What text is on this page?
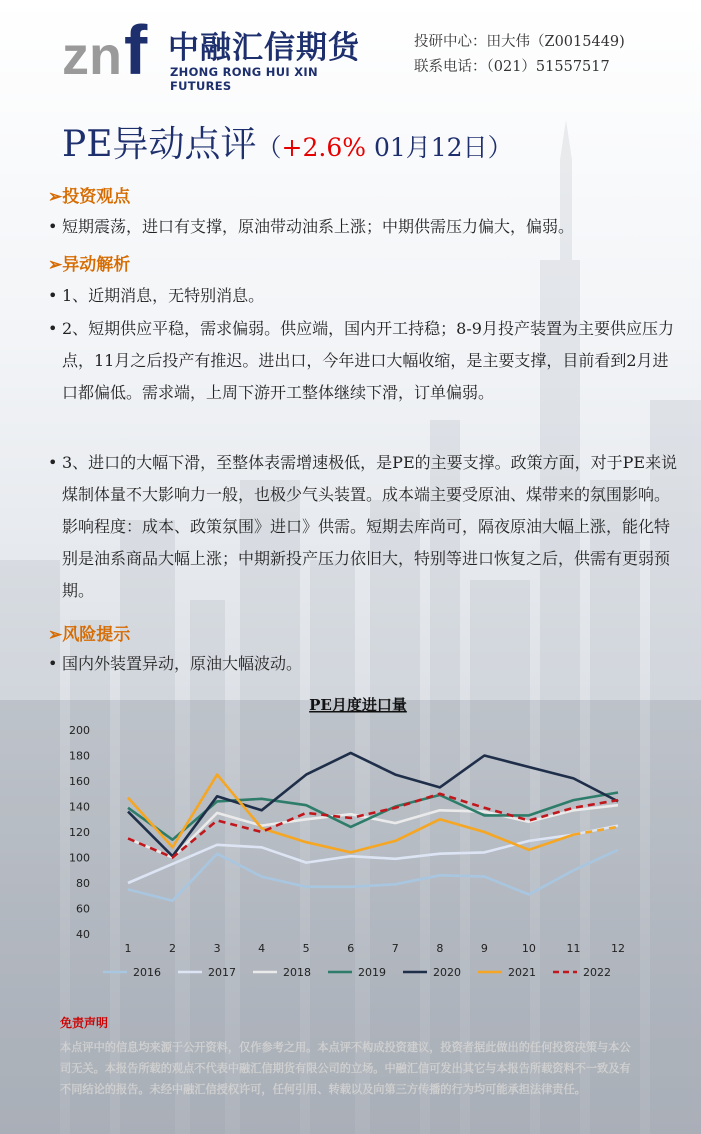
zn f 中融汇信期货
ZHONG RONG HUI XIN FUTURES
投研中心：田大伟（Z0015449)
联系电话：（021）51557517
PE异动点评（+2.6% 01月12日）
➢投资观点
• 短期震荡，进口有支撑，原油带动油系上涨；中期供需压力偏大，偏弱。
➢异动解析
• 1、近期消息，无特别消息。
• 2、短期供应平稳，需求偏弱。供应端，国内开工持稳；8-9月投产装置为主要供应压力点，11月之后投产有推迟。进出口，今年进口大幅收缩，是主要支撑，目前看到2月进口都偏低。需求端，上周下游开工整体继续下滑，订单偏弱。
• 3、进口的大幅下滑，至整体表需增速极低，是PE的主要支撑。政策方面，对于PE来说煤制体量不大影响力一般，也极少气头装置。成本端主要受原油、煤带来的氛围影响。影响程度：成本、政策氛围》进口》供需。短期去库尚可，隔夜原油大幅上涨，能化特别是油系商品大幅上涨；中期新投产压力依旧大，特别等进口恢复之后，供需有更弱预期。
➢风险提示
• 国内外装置异动，原油大幅波动。
PE月度进口量
40
60
80
100
120
140
160
180
200
1	2	3	4	5	6	7	8	9	10	11	12
2016	2017	2018	2019	2020	2021	2022
免责声明
本点评中的信息均来源于公开资料，仅作参考之用。本点评不构成投资建议，投资者据此做出的任何投资决策与本公司无关。本报告所载的观点不代表中融汇信期货有限公司的立场。中融汇信可发出其它与本报告所载资料不一致及有不同结论的报告。未经中融汇信授权许可，任何引用、转载以及向第三方传播的行为均可能承担法律责任。
